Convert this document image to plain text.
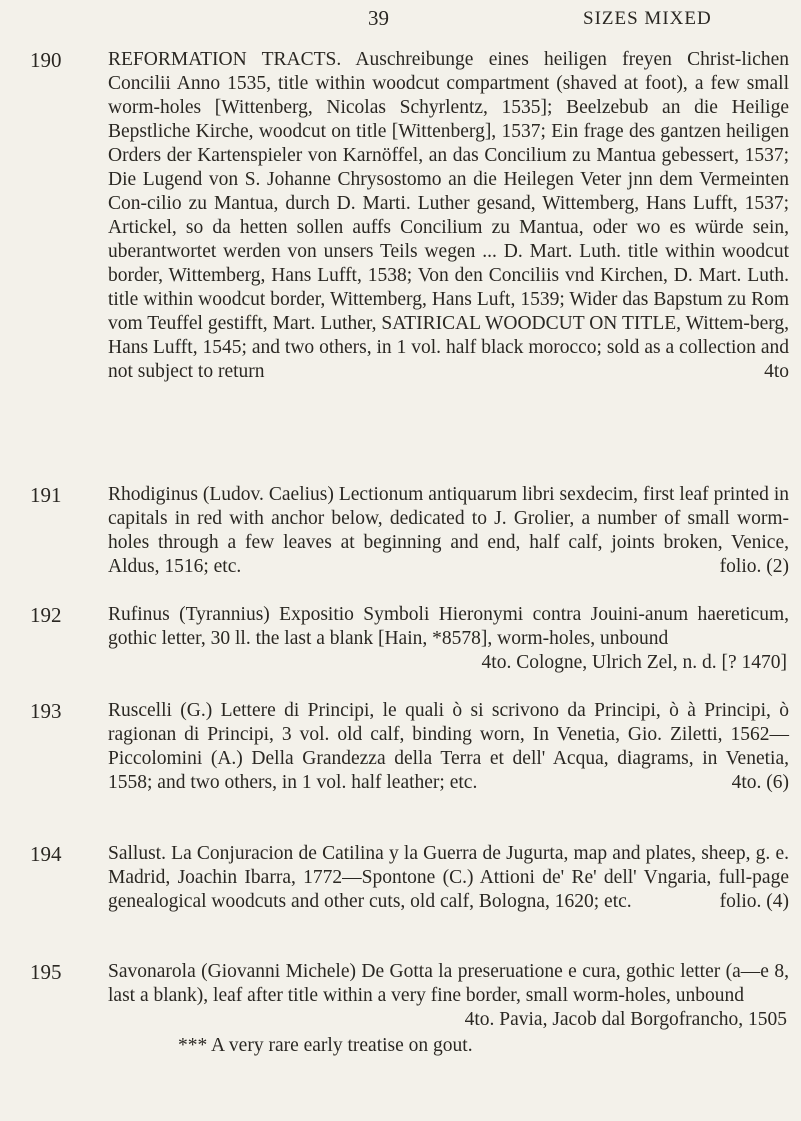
39	SIZES MIXED
190	REFORMATION TRACTS. Auschreibunge eines heiligen freyen Christ-lichen Concilii Anno 1535, title within woodcut compartment (shaved at foot), a few small worm-holes [Wittenberg, Nicolas Schyrlentz, 1535]; Beelzebub an die Heilige Bepstliche Kirche, woodcut on title [Wittenberg], 1537; Ein frage des gantzen heiligen Orders der Kartenspieler von Karnöffel, an das Concilium zu Mantua gebessert, 1537; Die Lugend von S. Johanne Chrysostomo an die Heilegen Veter jnn dem Vermeinten Con-cilio zu Mantua, durch D. Marti. Luther gesand, Wittemberg, Hans Lufft, 1537; Artickel, so da hetten sollen auffs Concilium zu Mantua, oder wo es würde sein, uberantwortet werden von unsers Teils wegen ... D. Mart. Luth. title within woodcut border, Wittemberg, Hans Lufft, 1538; Von den Conciliis vnd Kirchen, D. Mart. Luth. title within woodcut border, Wittemberg, Hans Luft, 1539; Wider das Bapstum zu Rom vom Teuffel gestifft, Mart. Luther, SATIRICAL WOODCUT ON TITLE, Wittem-berg, Hans Lufft, 1545; and two others, in 1 vol. half black morocco; sold as a collection and not subject to return	4to
191	Rhodiginus (Ludov. Caelius) Lectionum antiquarum libri sexdecim, first leaf printed in capitals in red with anchor below, dedicated to J. Grolier, a number of small worm-holes through a few leaves at beginning and end, half calf, joints broken, Venice, Aldus, 1516; etc.	folio. (2)
192	Rufinus (Tyrannius) Expositio Symboli Hieronymi contra Jouini-anum haereticum, gothic letter, 30 ll. the last a blank [Hain, *8578], worm-holes, unbound
4to. Cologne, Ulrich Zel, n. d. [? 1470]
193	Ruscelli (G.) Lettere di Principi, le quali ò si scrivono da Principi, ò à Principi, ò ragionan di Principi, 3 vol. old calf, binding worn, In Venetia, Gio. Ziletti, 1562—Piccolomini (A.) Della Grandezza della Terra et dell' Acqua, diagrams, in Venetia, 1558; and two others, in 1 vol. half leather; etc.	4to. (6)
194	Sallust. La Conjuracion de Catilina y la Guerra de Jugurta, map and plates, sheep, g. e. Madrid, Joachin Ibarra, 1772—Spontone (C.) Attioni de' Re' dell' Vngaria, full-page genealogical woodcuts and other cuts, old calf, Bologna, 1620; etc.	folio. (4)
195	Savonarola (Giovanni Michele) De Gotta la preseruatione e cura, gothic letter (a—e 8, last a blank), leaf after title within a very fine border, small worm-holes, unbound
4to. Pavia, Jacob dal Borgofrancho, 1505
*** A very rare early treatise on gout.
